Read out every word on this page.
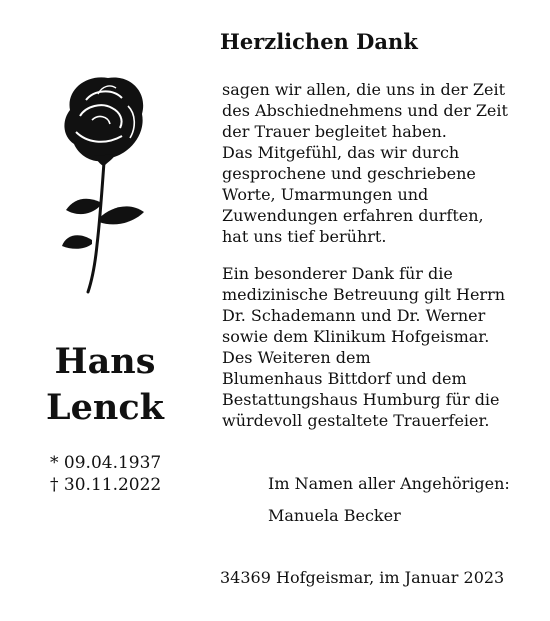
Hans
Lenck
* 09.04.1937
† 30.11.2022
Herzlichen Dank
sagen wir allen, die uns in der Zeit
des Abschiednehmens und der Zeit
der Trauer begleitet haben.
Das Mitgefühl, das wir durch
gesprochene und geschriebene
Worte, Umarmungen und
Zuwendungen erfahren durften,
hat uns tief berührt.
Ein besonderer Dank für die
medizinische Betreuung gilt Herrn
Dr. Schademann und Dr. Werner
sowie dem Klinikum Hofgeismar.
Des Weiteren dem
Blumenhaus Bittdorf und dem
Bestattungshaus Humburg für die
würdevoll gestaltete Trauerfeier.
Im Namen aller Angehörigen:
Manuela Becker
34369 Hofgeismar, im Januar 2023
